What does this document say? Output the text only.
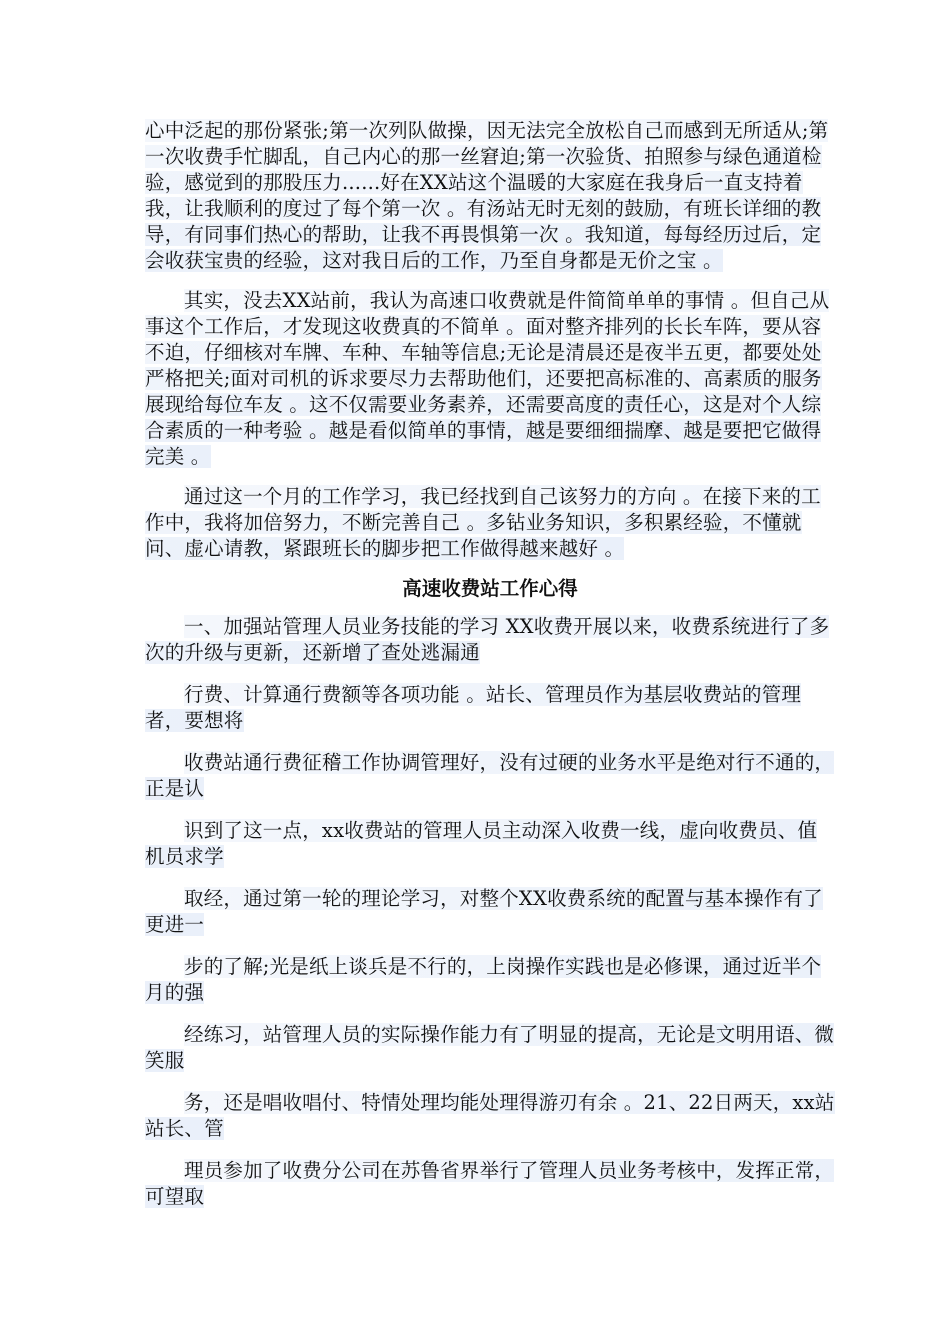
心中泛起的那份紧张;第一次列队做操，因无法完全放松自己而感到无所适从;第一次收费手忙脚乱，自己内心的那一丝窘迫;第一次验货、拍照参与绿色通道检验，感觉到的那股压力......好在XX站这个温暖的大家庭在我身后一直支持着我，让我顺利的度过了每个第一次 。有汤站无时无刻的鼓励，有班长详细的教导，有同事们热心的帮助，让我不再畏惧第一次 。我知道，每每经历过后，定会收获宝贵的经验，这对我日后的工作，乃至自身都是无价之宝 。

其实，没去XX站前，我认为高速口收费就是件简简单单的事情 。但自己从事这个工作后，才发现这收费真的不简单 。面对整齐排列的长长车阵，要从容不迫，仔细核对车牌、车种、车轴等信息;无论是清晨还是夜半五更，都要处处严格把关;面对司机的诉求要尽力去帮助他们，还要把高标准的、高素质的服务展现给每位车友 。这不仅需要业务素养，还需要高度的责任心，这是对个人综合素质的一种考验 。越是看似简单的事情，越是要细细揣摩、越是要把它做得完美 。

通过这一个月的工作学习，我已经找到自己该努力的方向 。在接下来的工作中，我将加倍努力，不断完善自己 。多钻业务知识，多积累经验，不懂就问、虚心请教，紧跟班长的脚步把工作做得越来越好 。

高速收费站工作心得

一、加强站管理人员业务技能的学习 XX收费开展以来，收费系统进行了多次的升级与更新，还新增了查处逃漏通

行费、计算通行费额等各项功能 。站长、管理员作为基层收费站的管理者，要想将

收费站通行费征稽工作协调管理好，没有过硬的业务水平是绝对行不通的，正是认

识到了这一点，xx收费站的管理人员主动深入收费一线，虚向收费员、值机员求学

取经，通过第一轮的理论学习，对整个XX收费系统的配置与基本操作有了更进一

步的了解;光是纸上谈兵是不行的，上岗操作实践也是必修课，通过近半个月的强

经练习，站管理人员的实际操作能力有了明显的提高，无论是文明用语、微笑服

务，还是唱收唱付、特情处理均能处理得游刃有余 。21、22日两天，xx站站长、管

理员参加了收费分公司在苏鲁省界举行了管理人员业务考核中，发挥正常，可望取
